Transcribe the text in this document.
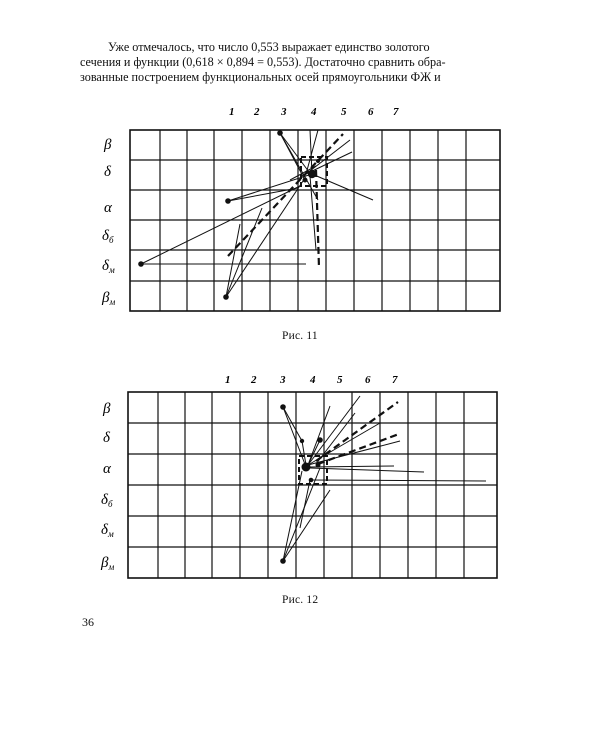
Уже отмечалось, что число 0,553 выражает единство золотого
сечения и функции (0,618 × 0,894 = 0,553). Достаточно сравнить обра-
зованные построением функциональных осей прямоугольники ФЖ и
1 2 3 4 5 6 7
β
δ
α
$\delta_б$
$\delta_м$
$\beta_м$
Рис. 11
1 2 3 4 5 6 7
β
δ
α
$\delta_б$
$\delta_м$
$\beta_м$
Рис. 12
36
